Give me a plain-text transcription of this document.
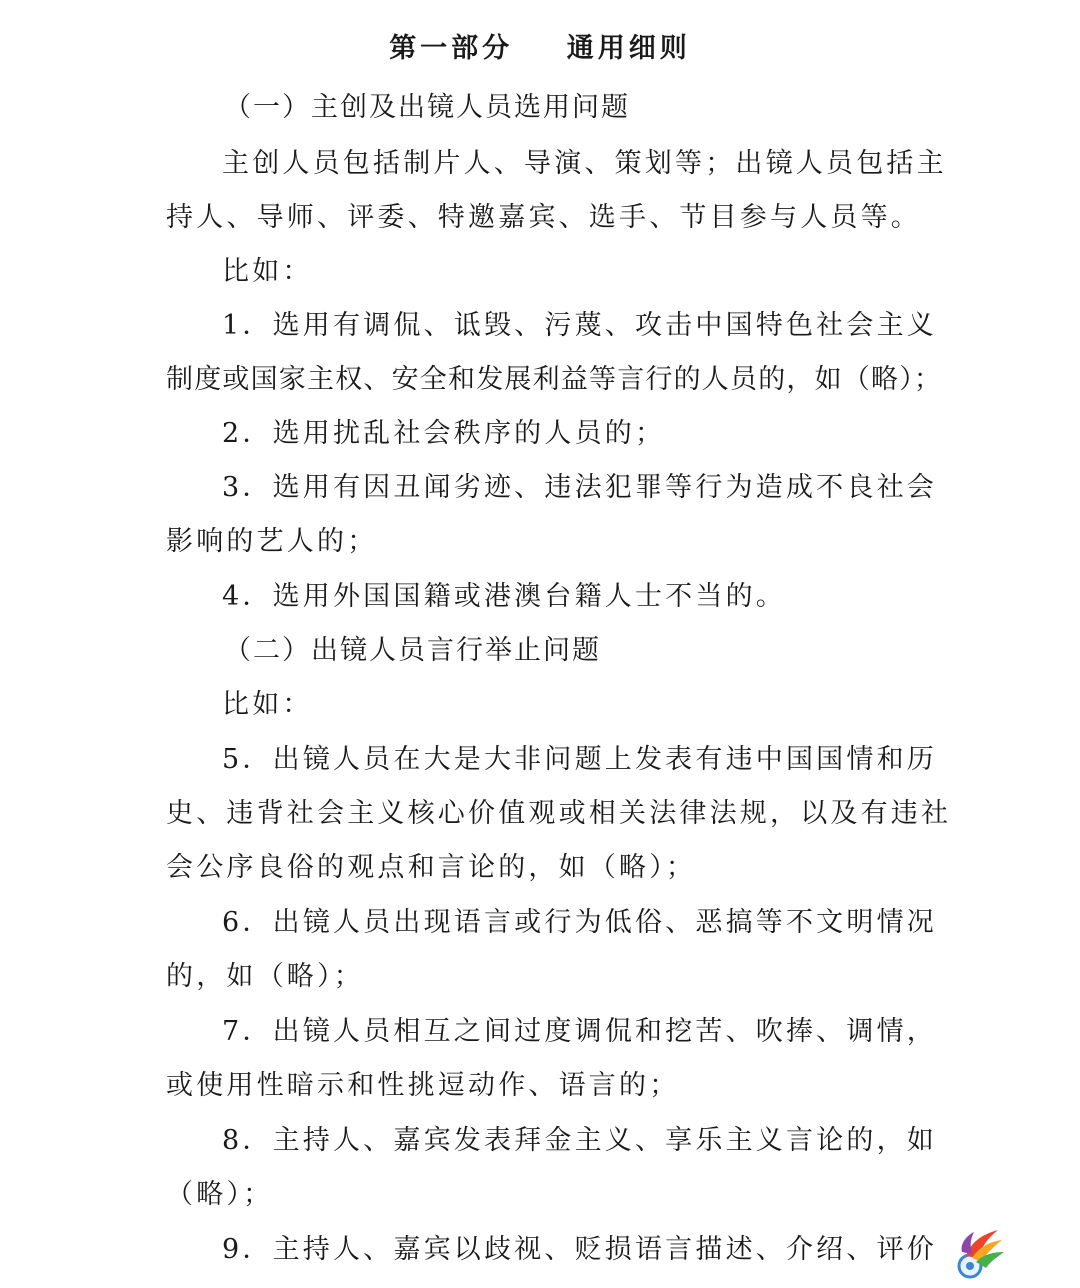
第一部分    通用细则
（一）主创及出镜人员选用问题
主创人员包括制片人、导演、策划等；出镜人员包括主
持人、导师、评委、特邀嘉宾、选手、节目参与人员等。
比如：
1．选用有调侃、诋毁、污蔑、攻击中国特色社会主义
制度或国家主权、安全和发展利益等言行的人员的，如（略）；
2．选用扰乱社会秩序的人员的；
3．选用有因丑闻劣迹、违法犯罪等行为造成不良社会
影响的艺人的；
4．选用外国国籍或港澳台籍人士不当的。
（二）出镜人员言行举止问题
比如：
5．出镜人员在大是大非问题上发表有违中国国情和历
史、违背社会主义核心价值观或相关法律法规，以及有违社
会公序良俗的观点和言论的，如（略）；
6．出镜人员出现语言或行为低俗、恶搞等不文明情况
的，如（略）；
7．出镜人员相互之间过度调侃和挖苦、吹捧、调情，
或使用性暗示和性挑逗动作、语言的；
8．主持人、嘉宾发表拜金主义、享乐主义言论的，如
（略）；
9．主持人、嘉宾以歧视、贬损语言描述、介绍、评价
